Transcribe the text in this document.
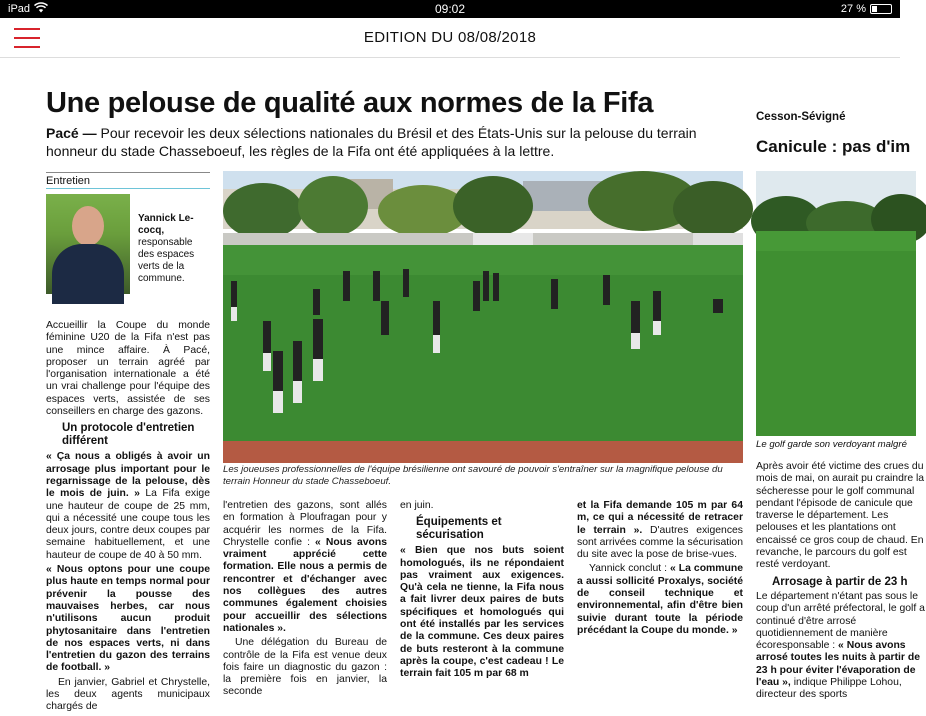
iPad	09:02	27 %
EDITION DU 08/08/2018
Une pelouse de qualité aux normes de la Fifa
Pacé — Pour recevoir les deux sélections nationales du Brésil et des États-Unis sur la pelouse du terrain honneur du stade Chasseboeuf, les règles de la Fifa ont été appliquées à la lettre.
Entretien
Yannick Le-cocq, responsable des espaces verts de la commune.

Accueillir la Coupe du monde féminine U20 de la Fifa n'est pas une mince affaire. À Pacé, proposer un terrain agréé par l'organisation internationale a été un vrai challenge pour l'équipe des espaces verts, assistée de ses conseillers en charge des gazons.

Un protocole d'entretien différent

« Ça nous a obligés à avoir un arrosage plus important pour le regarnissage de la pelouse, dès le mois de juin. » La Fifa exige une hauteur de coupe de 25 mm, qui a nécessité une coupe tous les deux jours, contre deux coupes par semaine habituellement, et une hauteur de coupe de 40 à 50 mm.

« Nous optons pour une coupe plus haute en temps normal pour prévenir la pousse des mauvaises herbes, car nous n'utilisons aucun produit phytosanitaire dans l'entretien de nos espaces verts, ni dans l'entretien du gazon des terrains de football. »

En janvier, Gabriel et Chrystelle, les deux agents municipaux chargés de

Les joueuses professionnelles de l'équipe brésilienne ont savouré de pouvoir s'entraîner sur la magnifique pelouse du terrain Honneur du stade Chasseboeuf.

l'entretien des gazons, sont allés en formation à Ploufragan pour y acquérir les normes de la Fifa. Chrystelle confie : « Nous avons vraiment apprécié cette formation. Elle nous a permis de rencontrer et d'échanger avec nos collègues des autres communes également choisies pour accueillir des sélections nationales ».

Une délégation du Bureau de contrôle de la Fifa est venue deux fois faire un diagnostic du gazon : la première fois en janvier, la seconde

en juin.

Équipements et sécurisation

« Bien que nos buts soient homologués, ils ne répondaient pas vraiment aux exigences. Qu'à cela ne tienne, la Fifa nous a fait livrer deux paires de buts spécifiques et homologués qui ont été installés par les services de la commune. Ces deux paires de buts resteront à la commune après la coupe, c'est cadeau ! Le terrain fait 105 m par 68 m

et la Fifa demande 105 m par 64 m, ce qui a nécessité de retracer le terrain ». D'autres exigences sont arrivées comme la sécurisation du site avec la pose de brise-vues.

Yannick conclut : « La commune a aussi sollicité Proxalys, société de conseil technique et environnemental, afin d'être bien suivie durant toute la période précédant la Coupe du monde. »

Cesson-Sévigné
Canicule : pas d'im
Le golf garde son verdoyant malgré

Après avoir été victime des crues du mois de mai, on aurait pu craindre la sécheresse pour le golf communal pendant l'épisode de canicule que traverse le département. Les pelouses et les plantations ont encaissé ce gros coup de chaud. En revanche, le parcours du golf est resté verdoyant.

Arrosage à partir de 23 h

Le département n'étant pas sous le coup d'un arrêté préfectoral, le golf a continué d'être arrosé quotidiennement de manière écoresponsable : « Nous avons arrosé toutes les nuits à partir de 23 h pour éviter l'évaporation de l'eau », indique Philippe Lohou, directeur des sports
